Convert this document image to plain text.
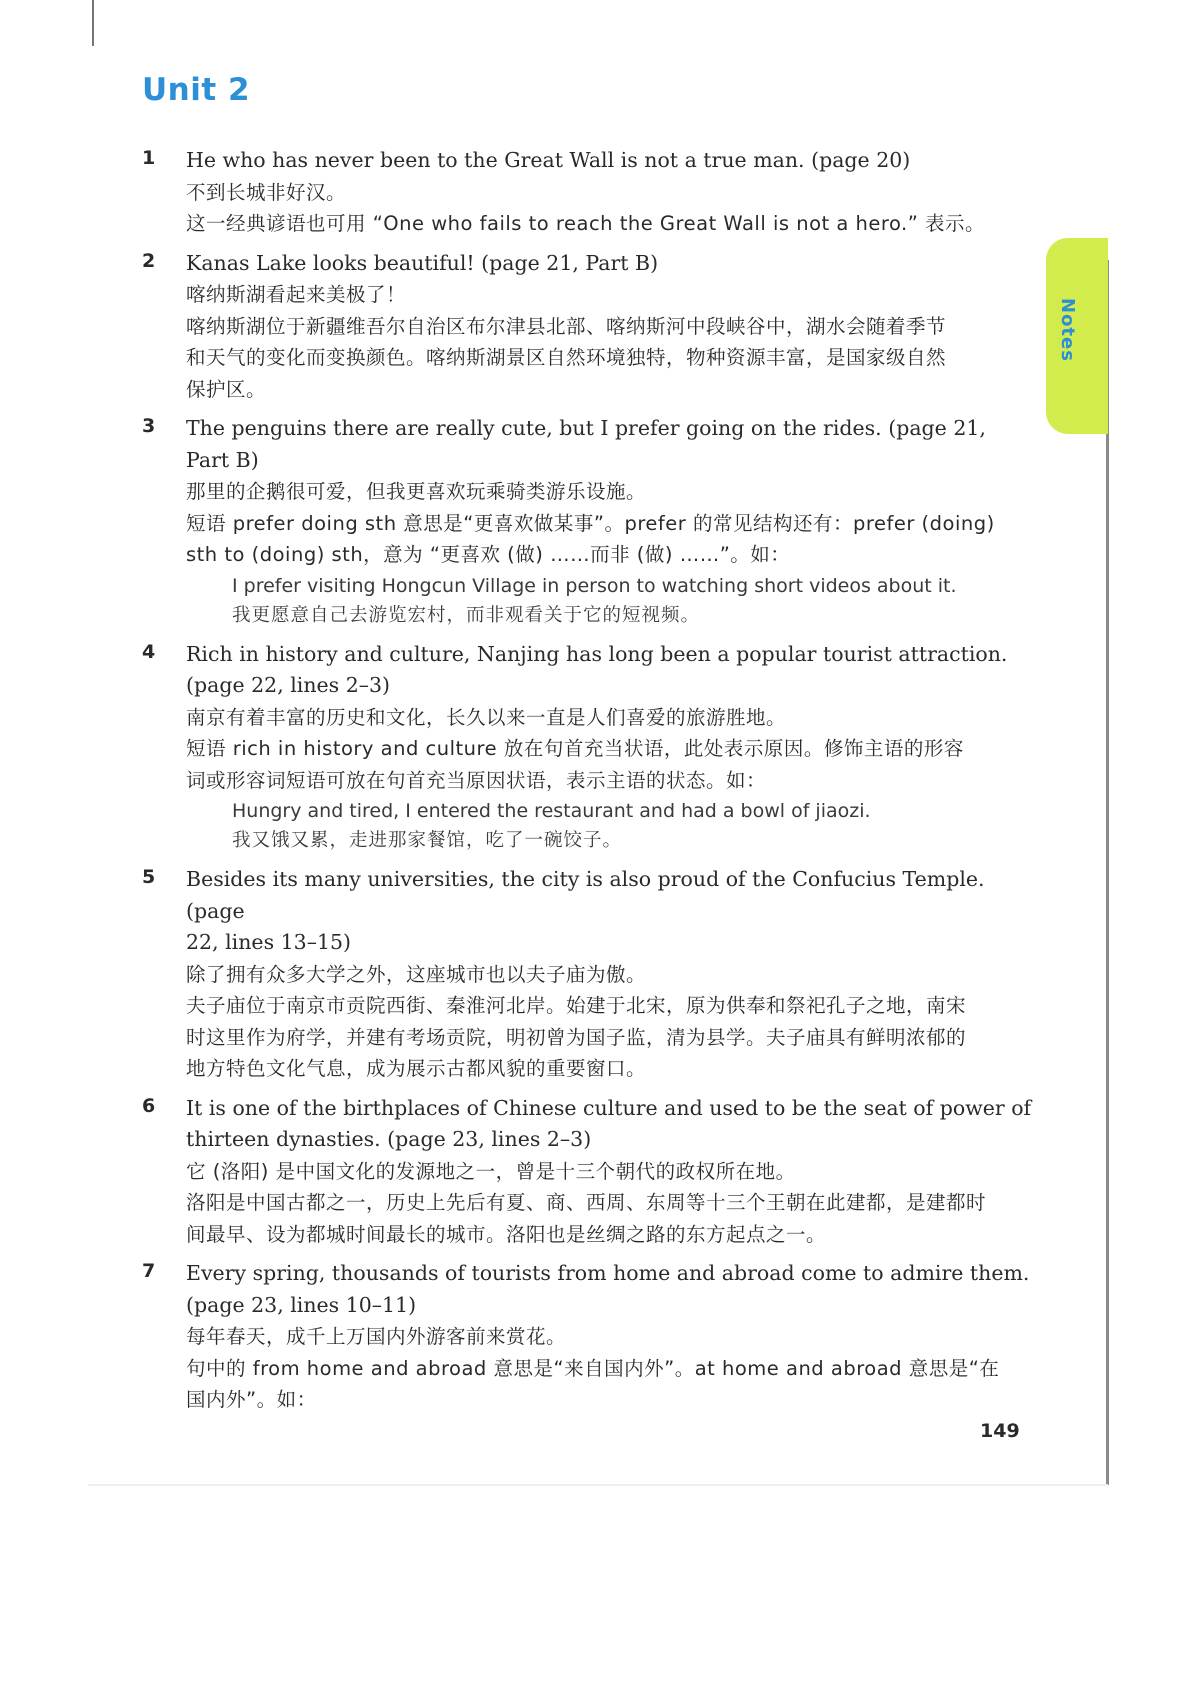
Unit 2
Notes
1 He who has never been to the Great Wall is not a true man. (page 20)

不到长城非好汉。

这一经典谚语也可用 “One who fails to reach the Great Wall is not a hero.” 表示。

2 Kanas Lake looks beautiful! (page 21, Part B)

喀纳斯湖看起来美极了！

喀纳斯湖位于新疆维吾尔自治区布尔津县北部、喀纳斯河中段峡谷中，湖水会随着季节

和天气的变化而变换颜色。喀纳斯湖景区自然环境独特，物种资源丰富，是国家级自然

保护区。

3 The penguins there are really cute, but I prefer going on the rides. (page 21, Part B)

那里的企鹅很可爱，但我更喜欢玩乘骑类游乐设施。

短语 prefer doing sth 意思是“更喜欢做某事”。prefer 的常见结构还有：prefer (doing)

sth to (doing) sth，意为 “更喜欢 (做) ……而非 (做) ……”。如：

I prefer visiting Hongcun Village in person to watching short videos about it.

我更愿意自己去游览宏村，而非观看关于它的短视频。

4 Rich in history and culture, Nanjing has long been a popular tourist attraction.

(page 22, lines 2–3)

南京有着丰富的历史和文化，长久以来一直是人们喜爱的旅游胜地。

短语 rich in history and culture 放在句首充当状语，此处表示原因。修饰主语的形容

词或形容词短语可放在句首充当原因状语，表示主语的状态。如：

Hungry and tired, I entered the restaurant and had a bowl of jiaozi.

我又饿又累，走进那家餐馆，吃了一碗饺子。

5 Besides its many universities, the city is also proud of the Confucius Temple. (page

22, lines 13–15)

除了拥有众多大学之外，这座城市也以夫子庙为傲。

夫子庙位于南京市贡院西街、秦淮河北岸。始建于北宋，原为供奉和祭祀孔子之地，南宋

时这里作为府学，并建有考场贡院，明初曾为国子监，清为县学。夫子庙具有鲜明浓郁的

地方特色文化气息，成为展示古都风貌的重要窗口。

6 It is one of the birthplaces of Chinese culture and used to be the seat of power of

thirteen dynasties. (page 23, lines 2–3)

它 (洛阳) 是中国文化的发源地之一，曾是十三个朝代的政权所在地。

洛阳是中国古都之一，历史上先后有夏、商、西周、东周等十三个王朝在此建都，是建都时

间最早、设为都城时间最长的城市。洛阳也是丝绸之路的东方起点之一。

7 Every spring, thousands of tourists from home and abroad come to admire them.

(page 23, lines 10–11)

每年春天，成千上万国内外游客前来赏花。

句中的 from home and abroad 意思是“来自国内外”。at home and abroad 意思是“在

国内外”。如：

149
